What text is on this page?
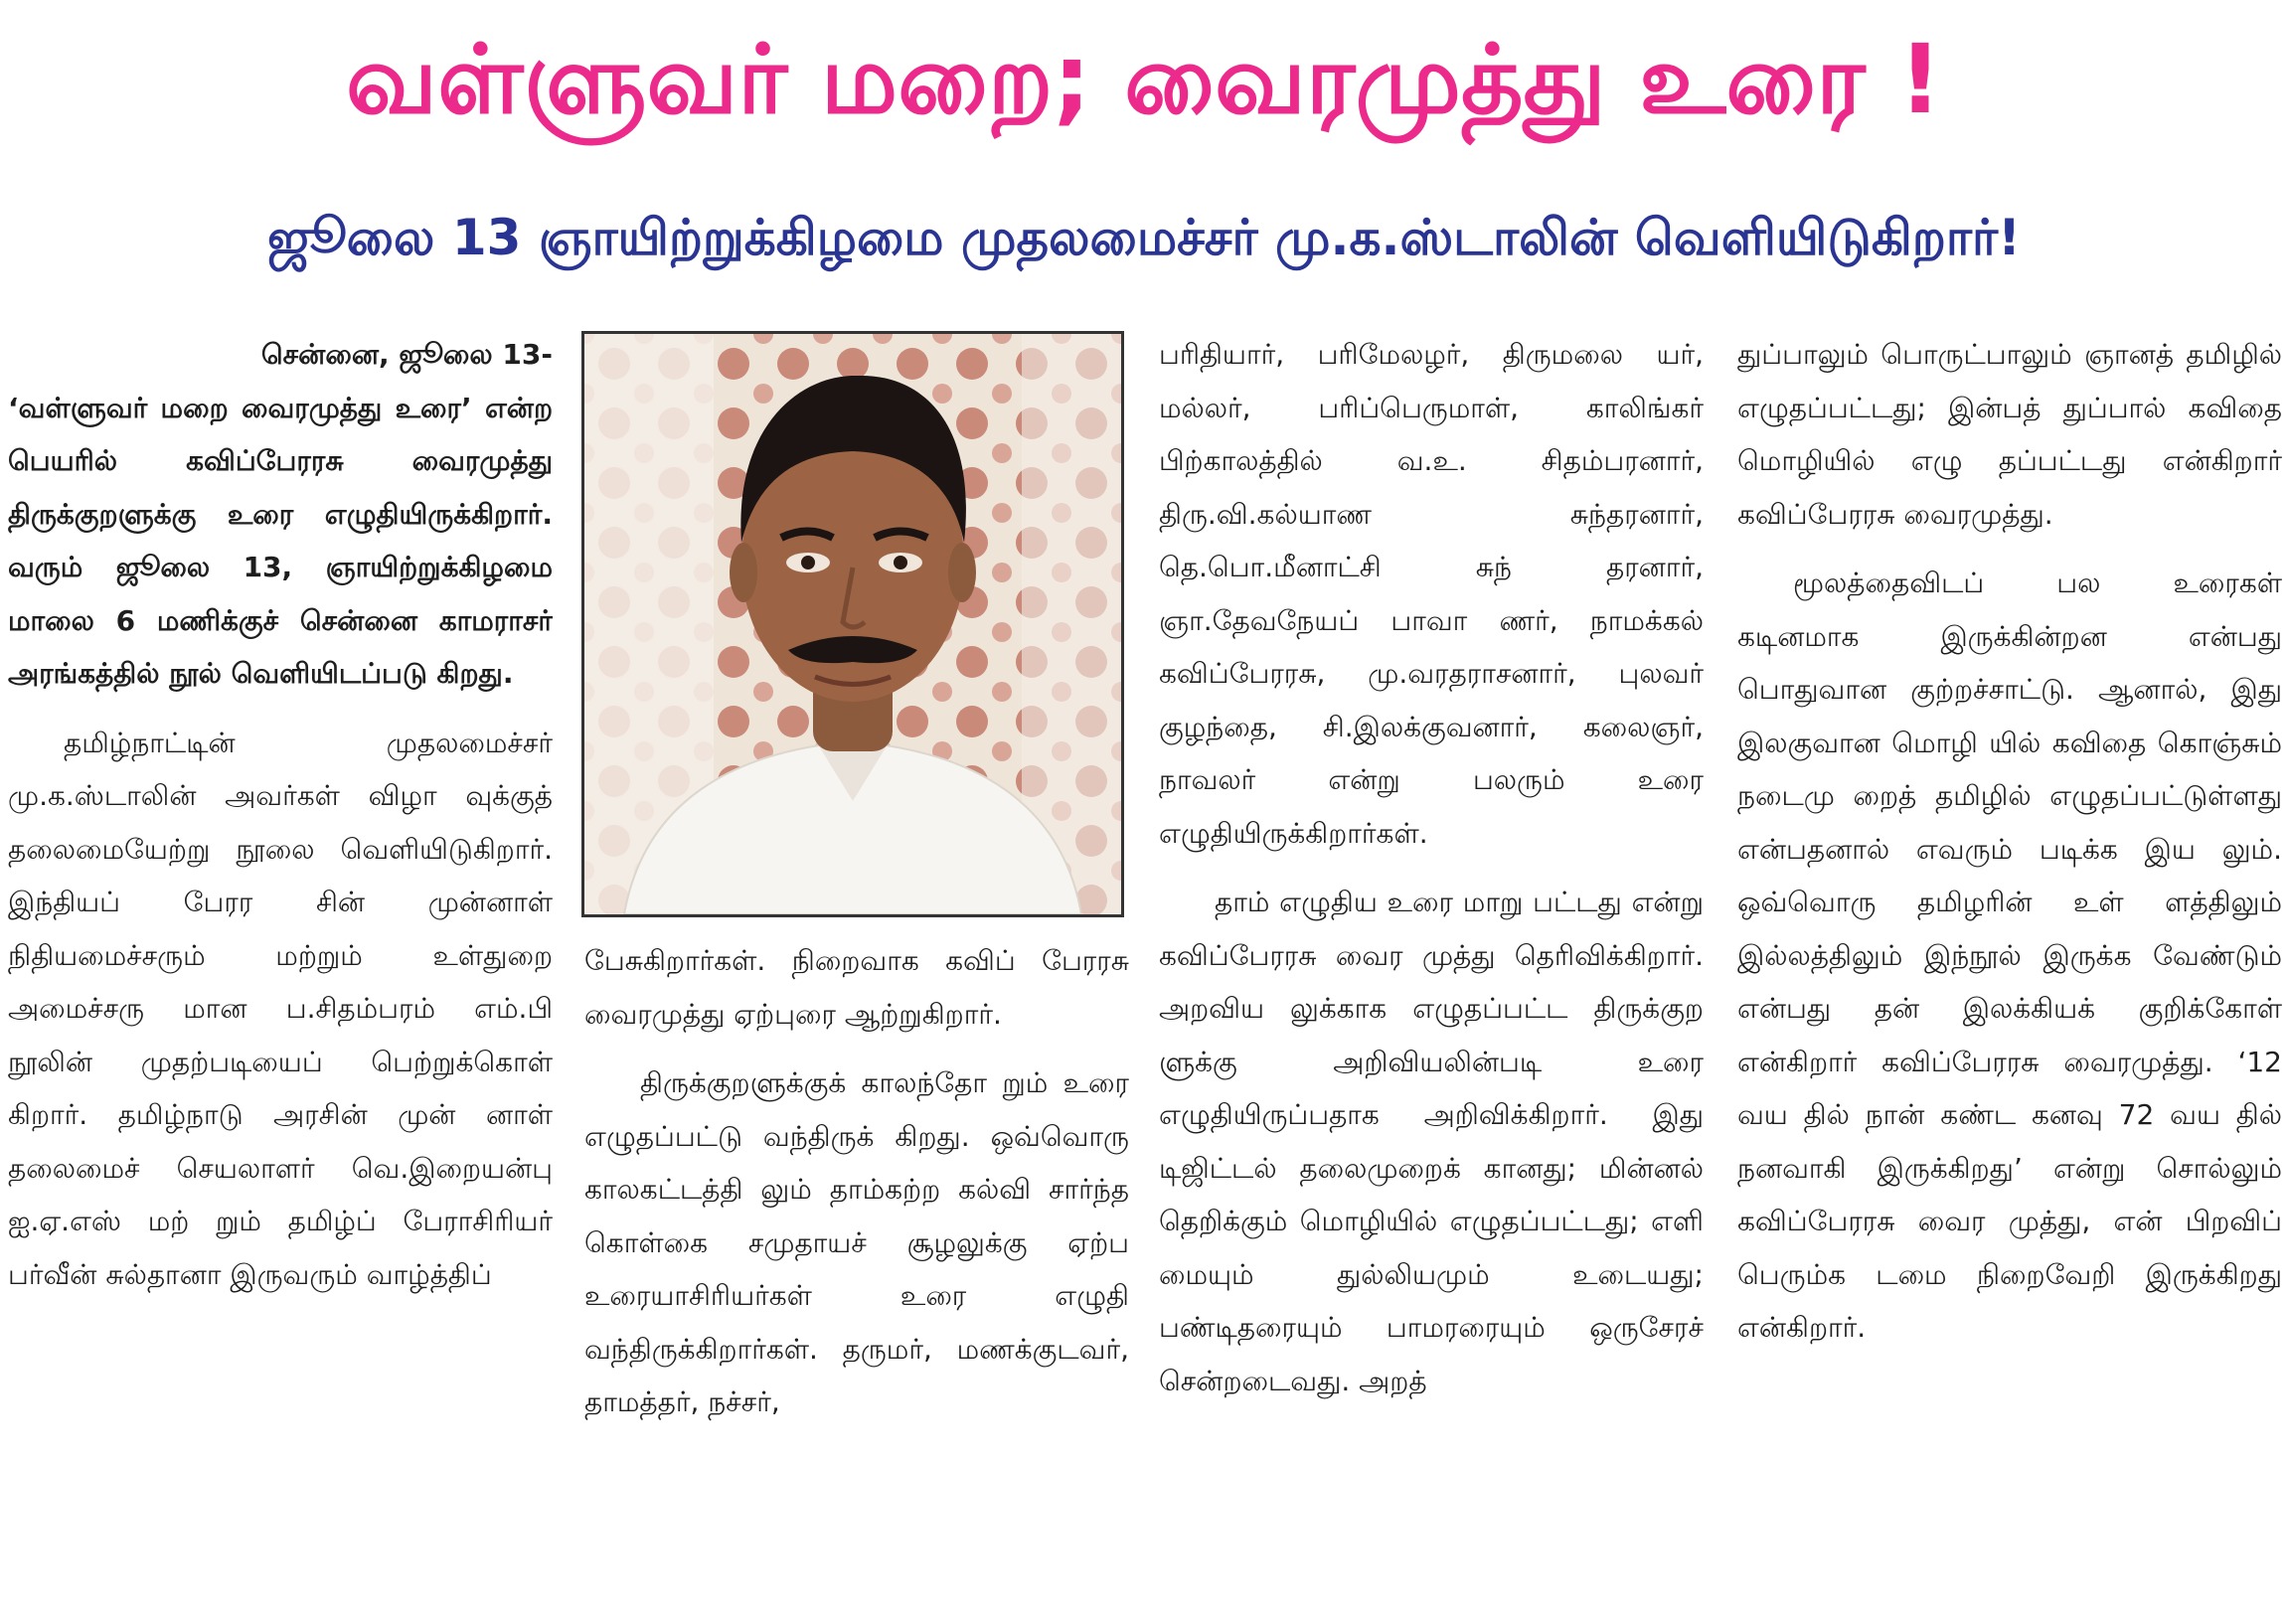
வள்ளுவர் மறை; வைரமுத்து உரை !
ஜூலை 13 ஞாயிற்றுக்கிழமை முதலமைச்சர் மு.க.ஸ்டாலின் வெளியிடுகிறார்!

சென்னை, ஜூலை 13-

‘வள்ளுவர் மறை வைரமுத்து உரை’ என்ற பெயரில் கவிப்பேரரசு வைரமுத்து திருக்குறளுக்கு உரை எழுதியிருக்கிறார். வரும் ஜூலை 13, ஞாயிற்றுக்கிழமை மாலை 6 மணிக்குச் சென்னை காமராசர் அரங்கத்தில் நூல் வெளியிடப்படு கிறது.

தமிழ்நாட்டின் முதலமைச்சர் மு.க.ஸ்டாலின் அவர்கள் விழா வுக்குத் தலைமையேற்று நூலை வெளியிடுகிறார். இந்தியப் பேரர சின் முன்னாள் நிதியமைச்சரும் மற்றும் உள்துறை அமைச்சரு மான ப.சிதம்பரம் எம்.பி நூலின் முதற்படியைப் பெற்றுக்கொள் கிறார். தமிழ்நாடு அரசின் முன் னாள் தலைமைச் செயலாளர் வெ.இறையன்பு ஐ.ஏ.எஸ் மற் றும் தமிழ்ப் பேராசிரியர் பர்வீன் சுல்தானா இருவரும் வாழ்த்திப்

பேசுகிறார்கள். நிறைவாக கவிப் பேரரசு வைரமுத்து ஏற்புரை ஆற்றுகிறார்.

திருக்குறளுக்குக் காலந்தோ றும் உரை எழுதப்பட்டு வந்திருக் கிறது. ஒவ்வொரு காலகட்டத்தி லும் தாம்கற்ற கல்வி சார்ந்த கொள்கை சமுதாயச் சூழலுக்கு ஏற்ப உரையாசிரியர்கள் உரை எழுதி வந்திருக்கிறார்கள். தருமர், மணக்குடவர், தாமத்தர், நச்சர்,

பரிதியார், பரிமேலழர், திருமலை யர், மல்லர், பரிப்பெருமாள், காலிங்கர் பிற்காலத்தில் வ.உ. சிதம்பரனார், திரு.வி.கல்யாண சுந்தரனார், தெ.பொ.மீனாட்சி சுந் தரனார், ஞா.தேவநேயப் பாவா ணர், நாமக்கல் கவிப்பேரரசு, மு.வரதராசனார், புலவர் குழந்தை, சி.இலக்குவனார், கலைஞர், நாவலர் என்று பலரும் உரை எழுதியிருக்கிறார்கள்.

தாம் எழுதிய உரை மாறு பட்டது என்று கவிப்பேரரசு வைர முத்து தெரிவிக்கிறார். அறவிய லுக்காக எழுதப்பட்ட திருக்குற ளுக்கு அறிவியலின்படி உரை எழுதியிருப்பதாக அறிவிக்கிறார். இது டிஜிட்டல் தலைமுறைக் கானது; மின்னல் தெறிக்கும் மொழியில் எழுதப்பட்டது; எளி மையும் துல்லியமும் உடையது; பண்டிதரையும் பாமரரையும் ஒருசேரச் சென்றடைவது. அறத்

துப்பாலும் பொருட்பாலும் ஞானத் தமிழில் எழுதப்பட்டது; இன்பத் துப்பால் கவிதை மொழியில் எழு தப்பட்டது என்கிறார் கவிப்பேரரசு வைரமுத்து.

மூலத்தைவிடப் பல உரைகள் கடினமாக இருக்கின்றன என்பது பொதுவான குற்றச்சாட்டு. ஆனால், இது இலகுவான மொழி யில் கவிதை கொஞ்சும் நடைமு றைத் தமிழில் எழுதப்பட்டுள்ளது என்பதனால் எவரும் படிக்க இய லும். ஒவ்வொரு தமிழரின் உள் ளத்திலும் இல்லத்திலும் இந்நூல் இருக்க வேண்டும் என்பது தன் இலக்கியக் குறிக்கோள் என்கிறார் கவிப்பேரரசு வைரமுத்து. ‘12 வய தில் நான் கண்ட கனவு 72 வய தில் நனவாகி இருக்கிறது’ என்று சொல்லும் கவிப்பேரரசு வைர முத்து, என் பிறவிப் பெரும்க டமை நிறைவேறி இருக்கிறது என்கிறார்.
